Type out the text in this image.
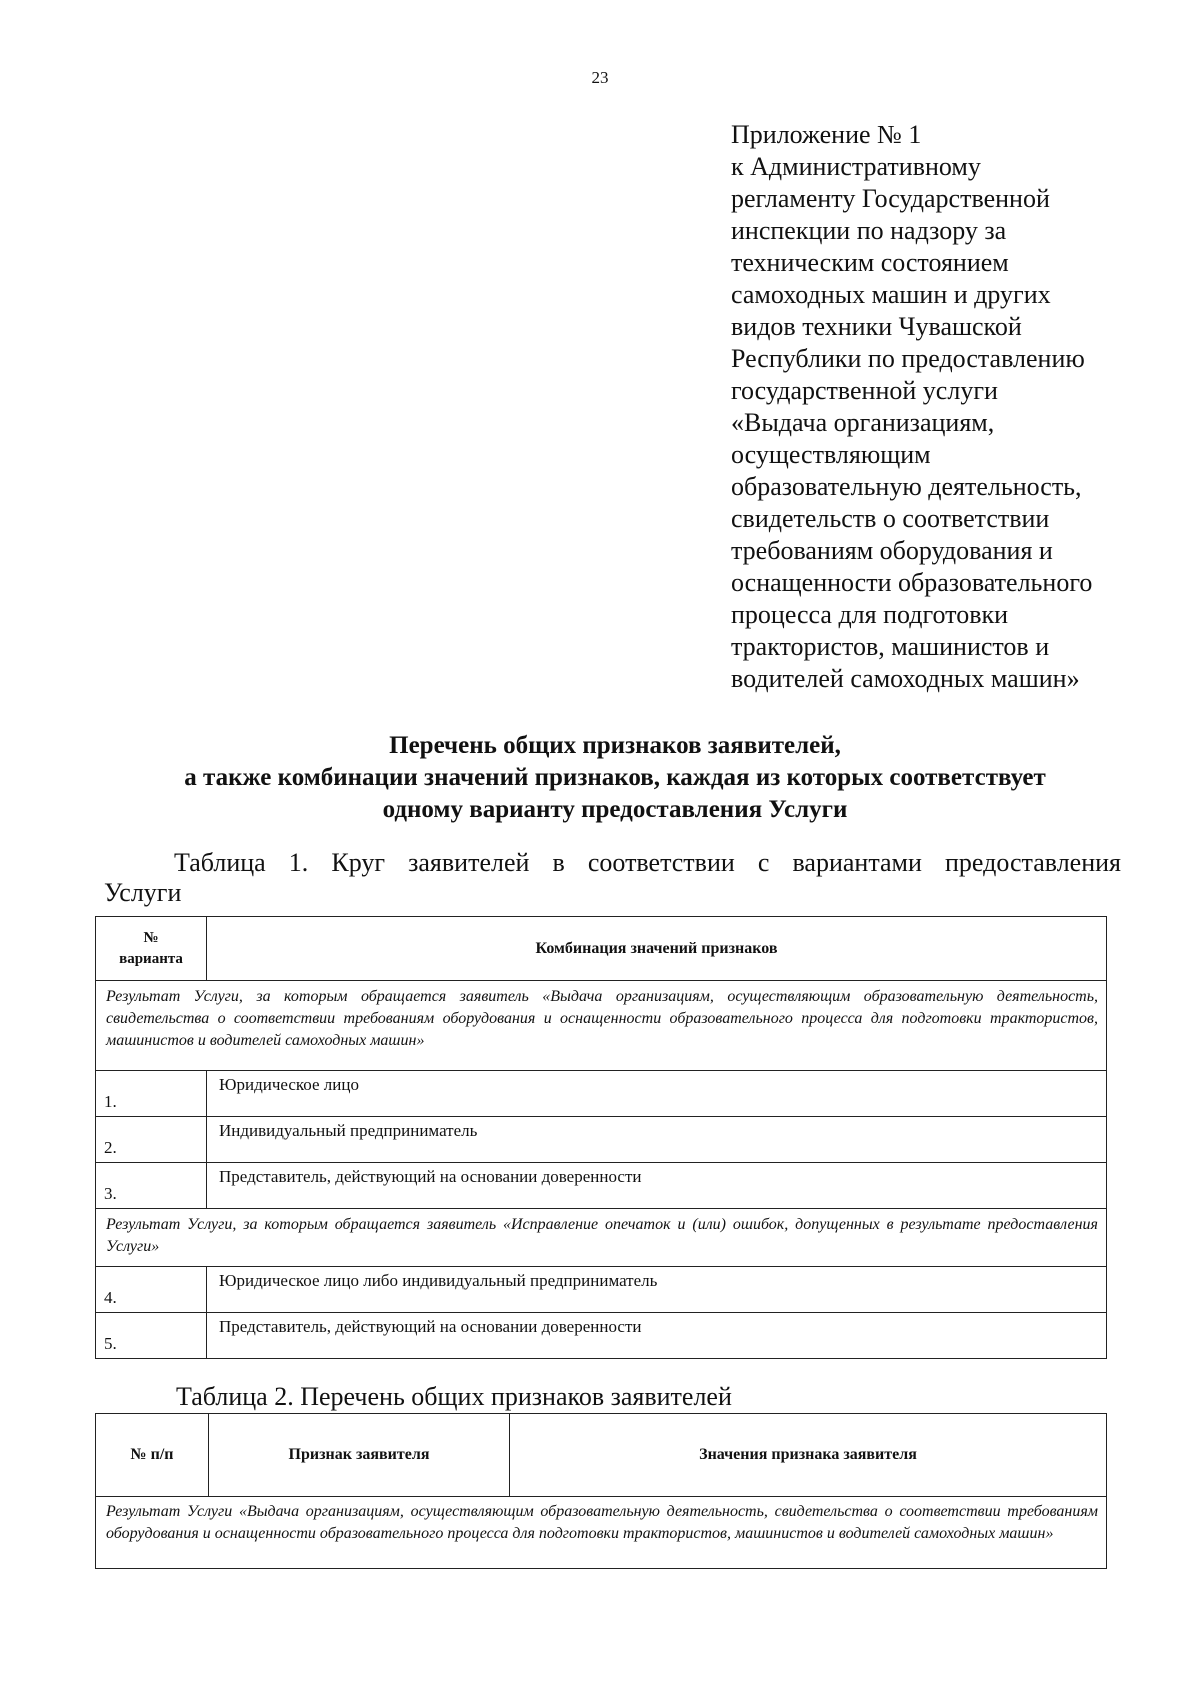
23
Приложение № 1
к Административному
регламенту Государственной
инспекции по надзору за
техническим состоянием
самоходных машин и других
видов техники Чувашской
Республики по предоставлению
государственной услуги
«Выдача организациям,
осуществляющим
образовательную деятельность,
свидетельств о соответствии
требованиям оборудования и
оснащенности образовательного
процесса для подготовки
трактористов, машинистов и
водителей самоходных машин»
Перечень общих признаков заявителей,
а также комбинации значений признаков, каждая из которых соответствует
одному варианту предоставления Услуги
Таблица 1. Круг заявителей в соответствии с вариантами предоставления
Услуги
№
варианта	Комбинация значений признаков
Результат Услуги, за которым обращается заявитель «Выдача организациям, осуществляющим образовательную деятельность, свидетельства о соответствии требованиям оборудования и оснащенности образовательного процесса для подготовки трактористов, машинистов и водителей самоходных машин»	
1.	Юридическое лицо
2.	Индивидуальный предприниматель
3.	Представитель, действующий на основании доверенности
Результат Услуги, за которым обращается заявитель «Исправление опечаток и (или) ошибок, допущенных в результате предоставления Услуги»	
4.	Юридическое лицо либо индивидуальный предприниматель
5.	Представитель, действующий на основании доверенности
Таблица 2. Перечень общих признаков заявителей
№ п/п	Признак заявителя	Значения признака заявителя
Результат Услуги «Выдача организациям, осуществляющим образовательную деятельность, свидетельства о соответствии требованиям оборудования и оснащенности образовательного процесса для подготовки трактористов, машинистов и водителей самоходных машин»
